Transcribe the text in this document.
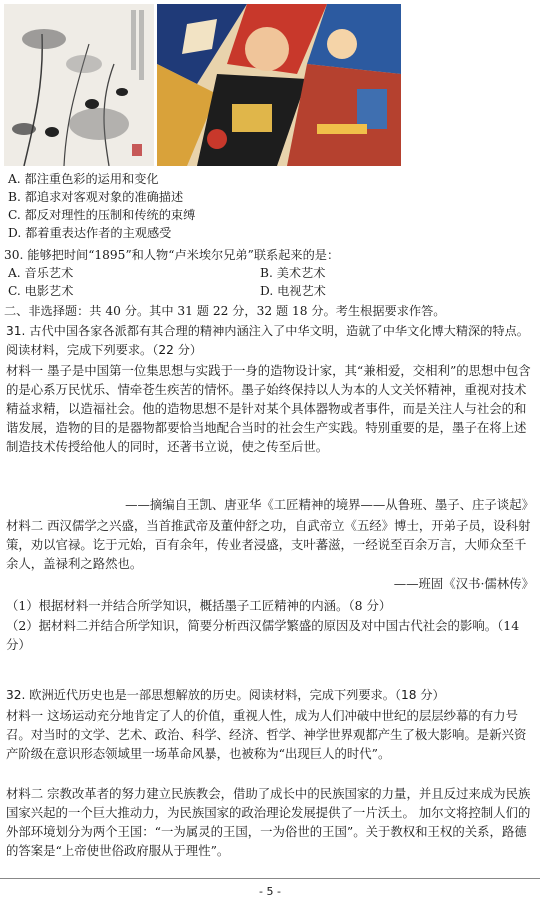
A. 都注重色彩的运用和变化
B. 都追求对客观对象的准确描述
C. 都反对理性的压制和传统的束缚
D. 都着重表达作者的主观感受
30. 能够把时间“1895”和人物“卢米埃尔兄弟”联系起来的是：
A. 音乐艺术	B. 美术艺术
C. 电影艺术	D. 电视艺术
二、非选择题：共 40 分。其中 31 题 22 分，32 题 18 分。考生根据要求作答。
31. 古代中国各家各派都有其合理的精神内涵注入了中华文明，造就了中华文化博大精深的特点。阅读材料，完成下列要求。（22 分）
材料一 墨子是中国第一位集思想与实践于一身的造物设计家，其“兼相爱，交相利”的思想中包含的是心系万民忧乐、情牵苍生疾苦的情怀。墨子始终保持以人为本的人文关怀精神，重视对技术精益求精，以造福社会。他的造物思想不是针对某个具体器物或者事件，而是关注人与社会的和谐发展，造物的目的是器物都要恰当地配合当时的社会生产实践。特别重要的是，墨子在将上述制造技术传授给他人的同时，还著书立说，使之传至后世。
——摘编自王凯、唐亚华《工匠精神的境界——从鲁班、墨子、庄子谈起》
材料二 西汉儒学之兴盛，当首推武帝及董仲舒之功，自武帝立《五经》博士，开弟子员，设科射策，劝以官禄。讫于元始，百有余年，传业者浸盛，支叶蕃滋，一经说至百余万言，大师众至千余人，盖禄利之路然也。
——班固《汉书·儒林传》
（1）根据材料一并结合所学知识，概括墨子工匠精神的内涵。（8 分）
（2）据材料二并结合所学知识，简要分析西汉儒学繁盛的原因及对中国古代社会的影响。（14 分）
32. 欧洲近代历史也是一部思想解放的历史。阅读材料，完成下列要求。（18 分）
材料一 这场运动充分地肯定了人的价值，重视人性，成为人们冲破中世纪的层层纱幕的有力号召。对当时的文学、艺术、政治、科学、经济、哲学、神学世界观都产生了极大影响。是新兴资产阶级在意识形态领域里一场革命风暴，也被称为“出现巨人的时代”。
材料二 宗教改革者的努力建立民族教会，借助了成长中的民族国家的力量，并且反过来成为民族国家兴起的一个巨大推动力，为民族国家的政治理论发展提供了一片沃土。 加尔文将控制人们的外部环境划分为两个王国：“一为属灵的王国，一为俗世的王国”。关于教权和王权的关系，路德的答案是“上帝使世俗政府服从于理性”。
- 5 -
